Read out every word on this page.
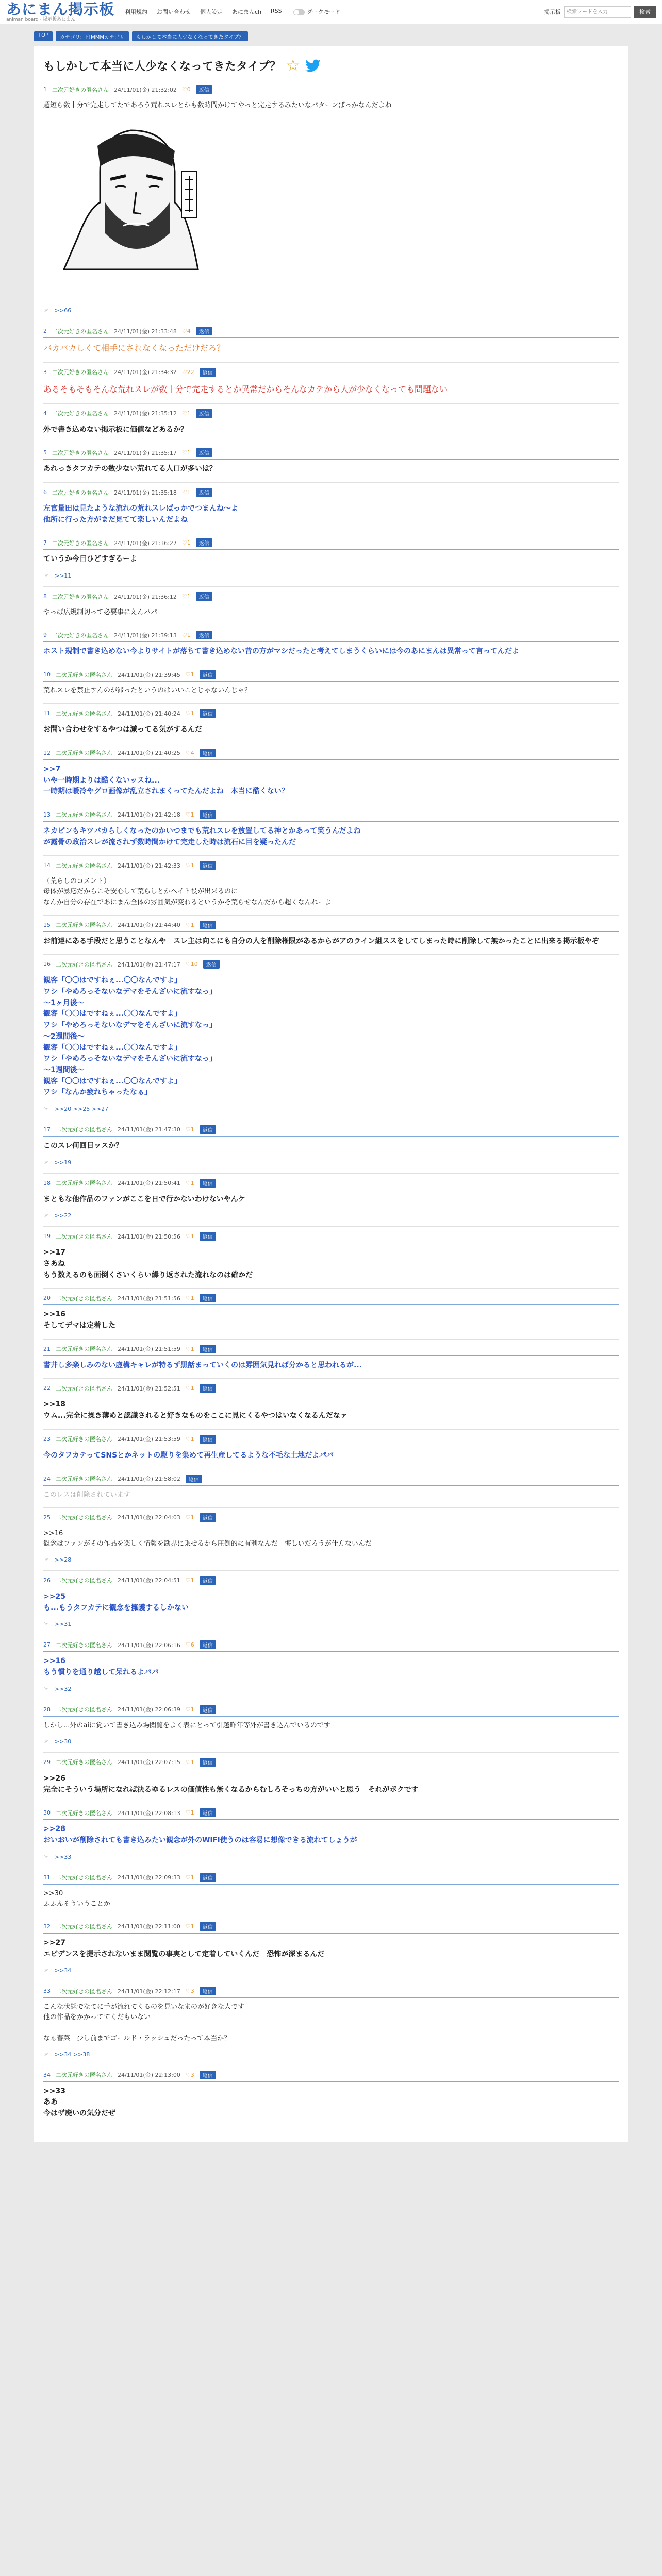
あにまん掲示板
animan board · 掲示板あにまん
利用規約 お問い合わせ 個人設定 あにまんch RSS	ダークモード	掲示板
検索ワードを入力	検索
TOP	カテゴリ: 下!MMMカテゴリ	もしかして本当に人少なくなってきたタイプ？
もしかして本当に人少なくなってきたタイプ？ ☆
1 二次元好きの匿名さん 24/11/01(金) 21:32:02 ♡0	返信
超短ら数十分で完走してたであろう荒れスレとかも数時間かけてやっと完走するみたいなパターンばっかなんだよね
☞ >>66
2 二次元好きの匿名さん 24/11/01(金) 21:33:48 ♡4	返信
バカバカしくて相手にされなくなっただけだろ？
3 二次元好きの匿名さん 24/11/01(金) 21:34:32 ♡22	返信
あるそもそもそんな荒れスレが数十分で完走するとか異常だからそんなカテから人が少なくなっても問題ない
4 二次元好きの匿名さん 24/11/01(金) 21:35:12 ♡1	返信
外で書き込めない掲示板に価値などあるか？
5 二次元好きの匿名さん 24/11/01(金) 21:35:17 ♡1	返信
あれっきタフカテの数少ない荒れてる人口が多いは？
6 二次元好きの匿名さん 24/11/01(金) 21:35:18 ♡1	返信
左官量田は見たような流れの荒れスレばっかでつまんね〜よ
他所に行った方がまだ見てて楽しいんだよね
7 二次元好きの匿名さん 24/11/01(金) 21:36:27 ♡1	返信
ていうか今日ひどすぎるーよ
☞ >>11
8 二次元好きの匿名さん 24/11/01(金) 21:36:12 ♡1	返信
やっぱ広規制切って必要事にえんパパ
9 二次元好きの匿名さん 24/11/01(金) 21:39:13 ♡1	返信
ホスト規制で書き込めない今よりサイトが落ちて書き込めない昔の方がマシだったと考えてしまうくらいには今のあにまんは異常って言ってんだよ
10 二次元好きの匿名さん 24/11/01(金) 21:39:45 ♡1	返信
荒れスレを禁止すんのが滞ったというのはいいことじゃないんじゃ？
11 二次元好きの匿名さん 24/11/01(金) 21:40:24 ♡1	返信
お問い合わせをするやつは減ってる気がするんだ
12 二次元好きの匿名さん 24/11/01(金) 21:40:25 ♡4	返信
>>7
いや一時期よりは酷くないッスね...
一時期は暖冷やグロ画像が乱立されまくってたんだよね　本当に酷くない？
13 二次元好きの匿名さん 24/11/01(金) 21:42:18 ♡1	返信
ネカピンもキツバカらしくなったのかいつまでも荒れスレを放置してる神とかあって笑うんだよね
が露骨の政治スレが流されず数時間かけて完走した時は流石に目を疑ったんだ
14 二次元好きの匿名さん 24/11/01(金) 21:42:33 ♡1	返信
（荒らしのコメント）
母体が暴応だからこそ安心して荒らしとかヘイト役が出来るのに
なんか自分の存在であにまん全体の雰囲気が変わるというかそ荒らせなんだから超くなんねーよ
15 二次元好きの匿名さん 24/11/01(金) 21:44:40 ♡1	返信
お前達にある手段だと思うことなんや　スレ主は向こにも自分の人を削除権限があるからがアのライン組ススをしてしまった時に削除して無かったことに出来る掲示板やぞ
16 二次元好きの匿名さん 24/11/01(金) 21:47:17 ♡10	返信
観客「〇〇はですねぇ...〇〇なんですよ」
ワシ「やめろっそないなデマをそんざいに流すなっ」
〜1ヶ月後〜
観客「〇〇はですねぇ...〇〇なんですよ」
ワシ「やめろっそないなデマをそんざいに流すなっ」
〜2週間後〜
観客「〇〇はですねぇ...〇〇なんですよ」
ワシ「やめろっそないなデマをそんざいに流すなっ」
〜1週間後〜
観客「〇〇はですねぇ...〇〇なんですよ」
ワシ「なんか疲れちゃったなぁ」
☞ >>20 >>25 >>27
17 二次元好きの匿名さん 24/11/01(金) 21:47:30 ♡1	返信
このスレ何回目ッスか？
☞ >>19
18 二次元好きの匿名さん 24/11/01(金) 21:50:41 ♡1	返信
まともな他作品のファンがここを日で行かないわけないやんケ
☞ >>22
19 二次元好きの匿名さん 24/11/01(金) 21:50:56 ♡1	返信
>>17
さあね
もう数えるのも面倒くさいくらい繰り返された流れなのは確かだ
20 二次元好きの匿名さん 24/11/01(金) 21:51:56 ♡1	返信
>>16
そしてデマは定着した
21 二次元好きの匿名さん 24/11/01(金) 21:51:59 ♡1	返信
書井し多楽しみのない虚構キャレが特るず黒話まっていくのは雰囲気見れば分かると思われるが...
22 二次元好きの匿名さん 24/11/01(金) 21:52:51 ♡1	返信
>>18
ウム...完全に操き薄めと認識されると好きなものをここに見にくるやつはいなくなるんだなァ
23 二次元好きの匿名さん 24/11/01(金) 21:53:59 ♡1	返信
今のタフカテってSNSとかネットの駆りを集めて再生産してるような不毛な土地だよパパ
24 二次元好きの匿名さん 24/11/01(金) 21:58:02	返信
このレスは削除されています
25 二次元好きの匿名さん 24/11/01(金) 22:04:03 ♡1	返信
>>16
観念はファンがその作品を楽しく情報を勘界に乗せるから圧倒的に有利なんだ　悔しいだろうが仕方ないんだ
☞ >>28
26 二次元好きの匿名さん 24/11/01(金) 22:04:51 ♡1	返信
>>25
も...もうタフカテに観念を擁護するしかない
☞ >>31
27 二次元好きの匿名さん 24/11/01(金) 22:06:16 ♡6	返信
>>16
もう慣りを通り越して呆れるよパパ
☞ >>32
28 二次元好きの匿名さん 24/11/01(金) 22:06:39 ♡1	返信
しかし...外のaiに覚いて書き込み場閲覧をよく表にとって引越昨年等外が書き込んでいるのです
☞ >>30
29 二次元好きの匿名さん 24/11/01(金) 22:07:15 ♡1	返信
>>26
完全にそういう場所になれば決るゆるレスの価値性も無くなるからむしろそっちの方がいいと思う　それがボクです
30 二次元好きの匿名さん 24/11/01(金) 22:08:13 ♡1	返信
>>28
おいおいが削除されても書き込みたい観念が外のWiFi使うのは容易に想像できる流れてしょうが
☞ >>33
31 二次元好きの匿名さん 24/11/01(金) 22:09:33 ♡1	返信
>>30
ふふんそういうことか
32 二次元好きの匿名さん 24/11/01(金) 22:11:00 ♡1	返信
>>27
エビデンスを提示されないまま閲覧の事実として定着していくんだ　恐怖が深まるんだ
☞ >>34
33 二次元好きの匿名さん 24/11/01(金) 22:12:17 ♡3	返信
こんな状態でなてに手が流れてくるのを見いなまのが好きな人です
他の作品をかかっててくだもいない

なぁ春菜　少し前までゴールド・ラッシュだったって本当か？
☞ >>34 >>38
34 二次元好きの匿名さん 24/11/01(金) 22:13:00 ♡3	返信
>>33
ああ
今はザ廃いの気分だぜ
